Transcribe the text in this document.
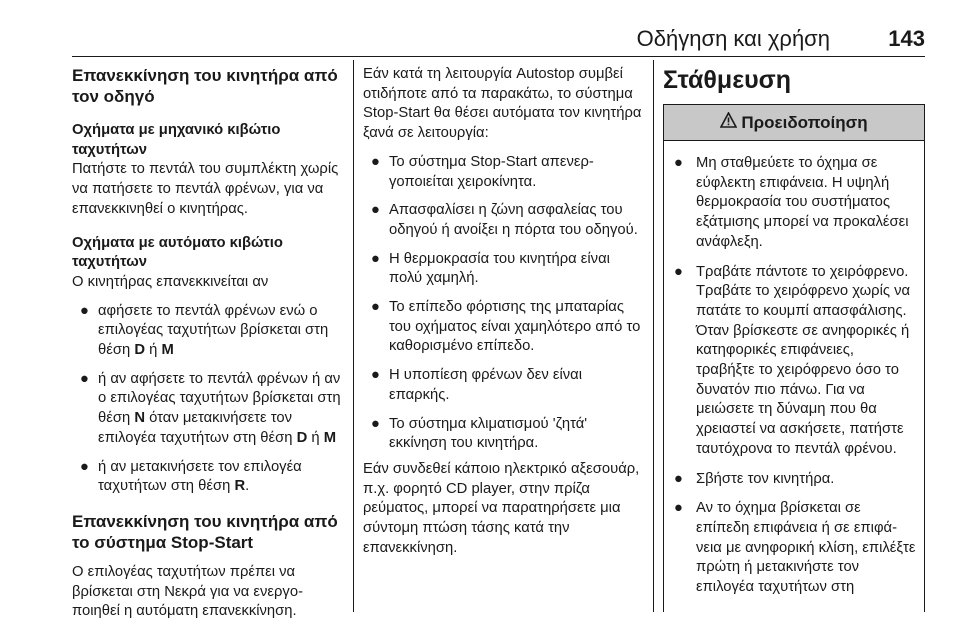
Οδήγηση και χρήση	143
Επανεκκίνηση του κινητήρα από τον οδηγό
Οχήματα με μηχανικό κιβώτιο ταχυτήτων
Πατήστε το πεντάλ του συμπλέκτη χωρίς να πατήσετε το πεντάλ φρένων, για να επανεκκινηθεί ο κινητήρας.
Οχήματα με αυτόματο κιβώτιο ταχυτήτων
Ο κινητήρας επανεκκινείται αν
● αφήσετε το πεντάλ φρένων ενώ ο επιλογέας ταχυτήτων βρίσκεται στη θέση D ή M
● ή αν αφήσετε το πεντάλ φρένων ή αν ο επιλογέας ταχυτήτων βρίσκεται στη θέση N όταν μετακινήσετε τον επιλογέα ταχυτήτων στη θέση D ή M
● ή αν μετακινήσετε τον επιλογέα ταχυτήτων στη θέση R.
Επανεκκίνηση του κινητήρα από το σύστημα Stop-Start
Ο επιλογέας ταχυτήτων πρέπει να βρίσκεται στη Νεκρά για να ενεργοποιηθεί η αυτόματη επανεκκίνηση.
Εάν κατά τη λειτουργία Autostop συμβεί οτιδήποτε από τα παρακάτω, το σύστημα Stop-Start θα θέσει αυτόματα τον κινητήρα ξανά σε λειτουργία:
● Το σύστημα Stop-Start απενεργοποιείται χειροκίνητα.
● Απασφαλίσει η ζώνη ασφαλείας του οδηγού ή ανοίξει η πόρτα του οδηγού.
● Η θερμοκρασία του κινητήρα είναι πολύ χαμηλή.
● Το επίπεδο φόρτισης της μπαταρίας του οχήματος είναι χαμηλότερο από το καθορισμένο επίπεδο.
● Η υποπίεση φρένων δεν είναι επαρκής.
● Το σύστημα κλιματισμού 'ζητά' εκκίνηση του κινητήρα.
Εάν συνδεθεί κάποιο ηλεκτρικό αξεσουάρ, π.χ. φορητό CD player, στην πρίζα ρεύματος, μπορεί να παρατηρήσετε μια σύντομη πτώση τάσης κατά την επανεκκίνηση.
Στάθμευση
Προειδοποίηση
● Μη σταθμεύετε το όχημα σε εύφλεκτη επιφάνεια. Η υψηλή θερμοκρασία του συστήματος εξάτμισης μπορεί να προκαλέσει ανάφλεξη.
● Τραβάτε πάντοτε το χειρόφρενο. Τραβάτε το χειρόφρενο χωρίς να πατάτε το κουμπί απασφάλισης. Όταν βρίσκεστε σε ανηφορικές ή κατηφορικές επιφάνειες, τραβήξτε το χειρόφρενο όσο το δυνατόν πιο πάνω. Για να μειώσετε τη δύναμη που θα χρειαστεί να ασκήσετε, πατήστε ταυτόχρονα το πεντάλ φρένου.
● Σβήστε τον κινητήρα.
● Αν το όχημα βρίσκεται σε επίπεδη επιφάνεια ή σε επιφάνεια με ανηφορική κλίση, επιλέξτε πρώτη ή μετακινήστε τον επιλογέα ταχυτήτων στη
